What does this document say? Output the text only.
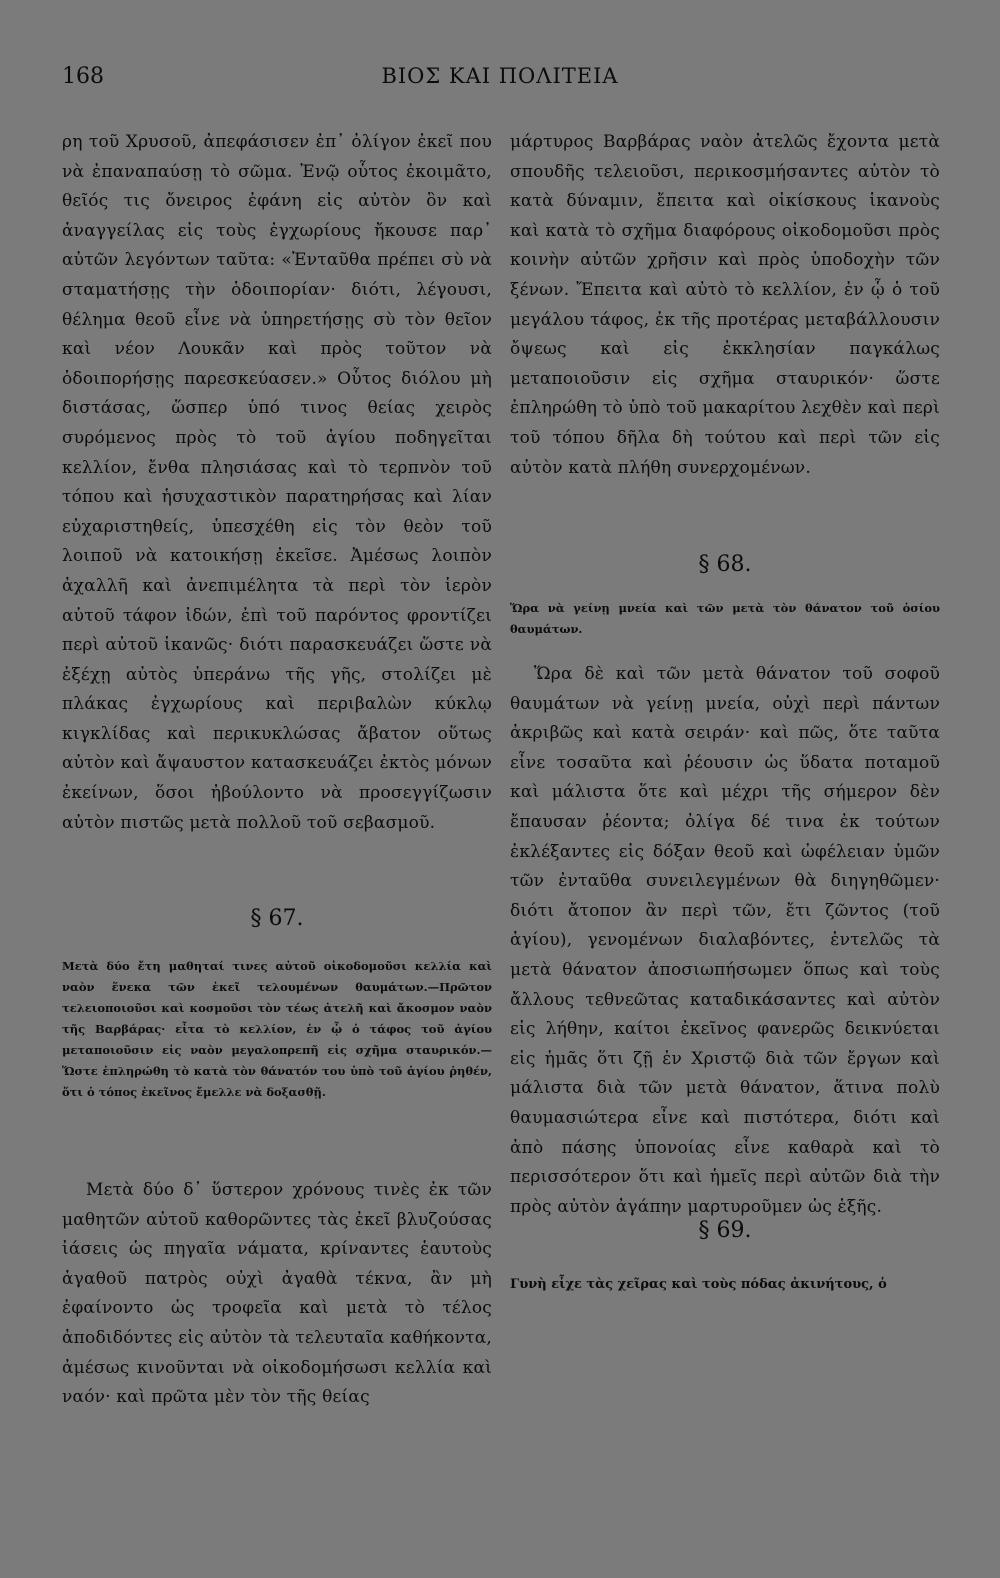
168	ΒΙΟΣ ΚΑΙ ΠΟΛΙΤΕΙΑ

ρη τοῦ Χρυσοῦ, ἀπεφάσισεν ἐπ᾽ ὀλίγον ἐκεῖ που νὰ ἐπαναπαύσῃ τὸ σῶμα. Ἐνῷ οὗτος ἐκοιμᾶτο, θεῖός τις ὄνειρος ἐφάνη εἰς αὐτὸν ὃν καὶ ἀναγγείλας εἰς τοὺς ἐγχωρίους ἤκουσε παρ᾽ αὐτῶν λεγόντων ταῦτα: «Ἐνταῦθα πρέπει σὺ νὰ σταματήσῃς τὴν ὁδοιπορίαν· διότι, λέγουσι, θέλημα θεοῦ εἶνε νὰ ὑπηρετήσῃς σὺ τὸν θεῖον καὶ νέον Λουκᾶν καὶ πρὸς τοῦτον νὰ ὁδοιπορήσῃς παρεσκεύασεν.» Οὗτος διόλου μὴ διστάσας, ὥσπερ ὑπό τινος θείας χειρὸς συρόμενος πρὸς τὸ τοῦ ἁγίου ποδηγεῖται κελλίον, ἔνθα πλησιάσας καὶ τὸ τερπνὸν τοῦ τόπου καὶ ἡσυχαστικὸν παρατηρήσας καὶ λίαν εὐχαριστηθείς, ὑπεσχέθη εἰς τὸν θεὸν τοῦ λοιποῦ νὰ κατοικήσῃ ἐκεῖσε. Ἀμέσως λοιπὸν ἀχαλλῆ καὶ ἀνεπιμέλητα τὰ περὶ τὸν ἱερὸν αὐτοῦ τάφον ἰδών, ἐπὶ τοῦ παρόντος φροντίζει περὶ αὐτοῦ ἱκανῶς· διότι παρασκευάζει ὥστε νὰ ἐξέχῃ αὐτὸς ὑπεράνω τῆς γῆς, στολίζει μὲ πλάκας ἐγχωρίους καὶ περιβαλὼν κύκλῳ κιγκλίδας καὶ περικυκλώσας ἄβατον οὕτως αὐτὸν καὶ ἄψαυστον κατασκευάζει ἐκτὸς μόνων ἐκείνων, ὅσοι ἠβούλοντο νὰ προσεγγίζωσιν αὐτὸν πιστῶς μετὰ πολλοῦ τοῦ σεβασμοῦ.

§ 67.

Μετὰ δύο ἔτη μαθηταί τινες αὐτοῦ οἰκοδομοῦσι κελλία καὶ ναὸν ἕνεκα τῶν ἐκεῖ τελουμένων θαυμάτων.—Πρῶτον τελειοποιοῦσι καὶ κοσμοῦσι τὸν τέως ἀτελῆ καὶ ἄκοσμον ναὸν τῆς Βαρβάρας· εἶτα τὸ κελλίον, ἐν ᾧ ὁ τάφος τοῦ ἁγίου μεταποιοῦσιν εἰς ναὸν μεγαλοπρεπῆ εἰς σχῆμα σταυρικόν.—Ὥστε ἐπληρώθη τὸ κατὰ τὸν θάνατόν του ὑπὸ τοῦ ἁγίου ῥηθέν, ὅτι ὁ τόπος ἐκεῖνος ἔμελλε νὰ δοξασθῇ.

Μετὰ δύο δ᾽ ὕστερον χρόνους τινὲς ἐκ τῶν μαθητῶν αὐτοῦ καθορῶντες τὰς ἐκεῖ βλυζούσας ἰάσεις ὡς πηγαῖα νάματα, κρίναντες ἑαυτοὺς ἀγαθοῦ πατρὸς οὐχὶ ἀγαθὰ τέκνα, ἂν μὴ ἐφαίνοντο ὡς τροφεῖα καὶ μετὰ τὸ τέλος ἀποδιδόντες εἰς αὐτὸν τὰ τελευταῖα καθήκοντα, ἀμέσως κινοῦνται νὰ οἰκοδομήσωσι κελλία καὶ ναόν· καὶ πρῶτα μὲν τὸν τῆς θείας

μάρτυρος Βαρβάρας ναὸν ἀτελῶς ἔχοντα μετὰ σπουδῆς τελειοῦσι, περικοσμήσαντες αὐτὸν τὸ κατὰ δύναμιν, ἔπειτα καὶ οἰκίσκους ἱκανοὺς καὶ κατὰ τὸ σχῆμα διαφόρους οἰκοδομοῦσι πρὸς κοινὴν αὐτῶν χρῆσιν καὶ πρὸς ὑποδοχὴν τῶν ξένων. Ἔπειτα καὶ αὐτὸ τὸ κελλίον, ἐν ᾧ ὁ τοῦ μεγάλου τάφος, ἐκ τῆς προτέρας μεταβάλλουσιν ὄψεως καὶ εἰς ἐκκλησίαν παγκάλως μεταποιοῦσιν εἰς σχῆμα σταυρικόν· ὥστε ἐπληρώθη τὸ ὑπὸ τοῦ μακαρίτου λεχθὲν καὶ περὶ τοῦ τόπου δῆλα δὴ τούτου καὶ περὶ τῶν εἰς αὐτὸν κατὰ πλήθη συνερχομένων.

§ 68.

Ὥρα νὰ γείνῃ μνεία καὶ τῶν μετὰ τὸν θάνατον τοῦ ὁσίου θαυμάτων.

Ὥρα δὲ καὶ τῶν μετὰ θάνατον τοῦ σοφοῦ θαυμάτων νὰ γείνῃ μνεία, οὐχὶ περὶ πάντων ἀκριβῶς καὶ κατὰ σειράν· καὶ πῶς, ὅτε ταῦτα εἶνε τοσαῦτα καὶ ῥέουσιν ὡς ὕδατα ποταμοῦ καὶ μάλιστα ὅτε καὶ μέχρι τῆς σήμερον δὲν ἔπαυσαν ῥέοντα; ὀλίγα δέ τινα ἐκ τούτων ἐκλέξαντες εἰς δόξαν θεοῦ καὶ ὠφέλειαν ὑμῶν τῶν ἐνταῦθα συνειλεγμένων θὰ διηγηθῶμεν· διότι ἄτοπον ἂν περὶ τῶν, ἔτι ζῶντος (τοῦ ἁγίου), γενομένων διαλαβόντες, ἐντελῶς τὰ μετὰ θάνατον ἀποσιωπήσωμεν ὅπως καὶ τοὺς ἄλλους τεθνεῶτας καταδικάσαντες καὶ αὐτὸν εἰς λήθην, καίτοι ἐκεῖνος φανερῶς δεικνύεται εἰς ἡμᾶς ὅτι ζῇ ἐν Χριστῷ διὰ τῶν ἔργων καὶ μάλιστα διὰ τῶν μετὰ θάνατον, ἅτινα πολὺ θαυμασιώτερα εἶνε καὶ πιστότερα, διότι καὶ ἀπὸ πάσης ὑπονοίας εἶνε καθαρὰ καὶ τὸ περισσότερον ὅτι καὶ ἡμεῖς περὶ αὐτῶν διὰ τὴν πρὸς αὐτὸν ἀγάπην μαρτυροῦμεν ὡς ἑξῆς.

§ 69.

Γυνὴ εἶχε τὰς χεῖρας καὶ τοὺς πόδας ἀκινήτους, ὁ
